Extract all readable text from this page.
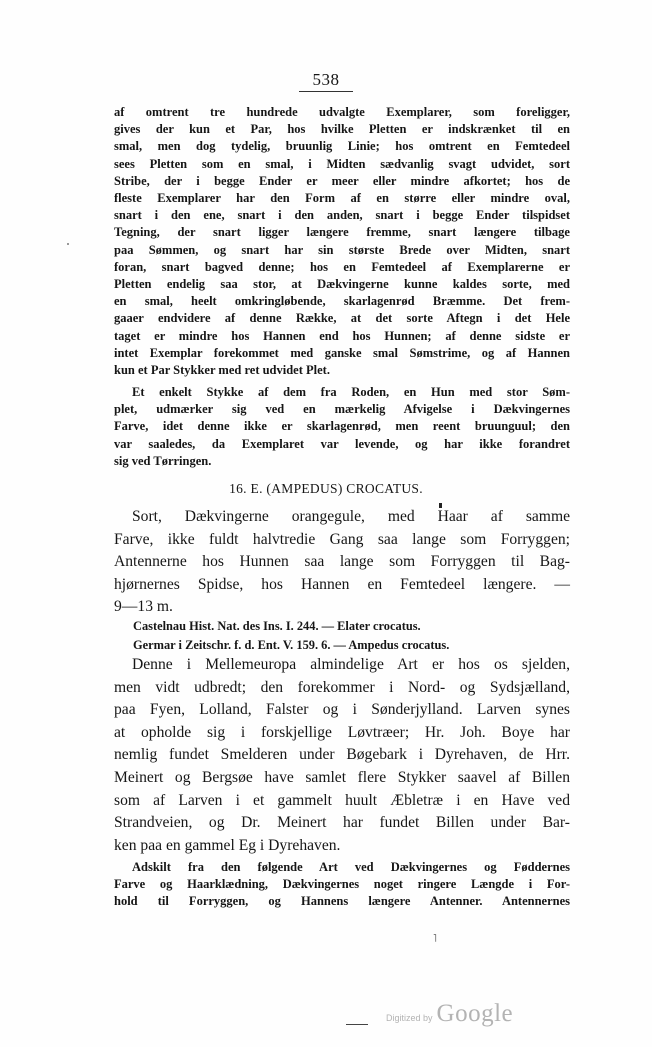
538
af omtrent tre hundrede udvalgte Exemplarer, som foreligger,
gives der kun et Par, hos hvilke Pletten er indskrænket til en
smal, men dog tydelig, bruunlig Linie; hos omtrent en Femtedeel
sees Pletten som en smal, i Midten sædvanlig svagt udvidet, sort
Stribe, der i begge Ender er meer eller mindre afkortet; hos de
fleste Exemplarer har den Form af en større eller mindre oval,
snart i den ene, snart i den anden, snart i begge Ender tilspidset
Tegning, der snart ligger længere fremme, snart længere tilbage
paa Sømmen, og snart har sin største Brede over Midten, snart
foran, snart bagved denne; hos en Femtedeel af Exemplarerne er
Pletten endelig saa stor, at Dækvingerne kunne kaldes sorte, med
en smal, heelt omkringløbende, skarlagenrød Bræmme. Det frem-
gaaer endvidere af denne Række, at det sorte Aftegn i det Hele
taget er mindre hos Hannen end hos Hunnen; af denne sidste er
intet Exemplar forekommet med ganske smal Sømstrime, og af Hannen
kun et Par Stykker med ret udvidet Plet.
Et enkelt Stykke af dem fra Roden, en Hun med stor Søm-
plet, udmærker sig ved en mærkelig Afvigelse i Dækvingernes
Farve, idet denne ikke er skarlagenrød, men reent bruunguul; den
var saaledes, da Exemplaret var levende, og har ikke forandret
sig ved Tørringen.
16. E. (AMPEDUS) CROCATUS.
Sort, Dækvingerne orangegule, med Haar af samme
Farve, ikke fuldt halvtredie Gang saa lange som Forryggen;
Antennerne hos Hunnen saa lange som Forryggen til Bag-
hjørnernes Spidse, hos Hannen en Femtedeel længere. —
9—13 m.
Castelnau Hist. Nat. des Ins. I. 244. — Elater crocatus.
Germar i Zeitschr. f. d. Ent. V. 159. 6. — Ampedus crocatus.
Denne i Mellemeuropa almindelige Art er hos os sjelden,
men vidt udbredt; den forekommer i Nord- og Sydsjælland,
paa Fyen, Lolland, Falster og i Sønderjylland. Larven synes
at opholde sig i forskjellige Løvtræer; Hr. Joh. Boye har
nemlig fundet Smelderen under Bøgebark i Dyrehaven, de Hrr.
Meinert og Bergsøe have samlet flere Stykker saavel af Billen
som af Larven i et gammelt huult Æbletræ i en Have ved
Strandveien, og Dr. Meinert har fundet Billen under Bar-
ken paa en gammel Eg i Dyrehaven.
Adskilt fra den følgende Art ved Dækvingernes og Føddernes
Farve og Haarklædning, Dækvingernes noget ringere Længde i For-
hold til Forryggen, og Hannens længere Antenner. Antennernes
˥
Digitized by Google
